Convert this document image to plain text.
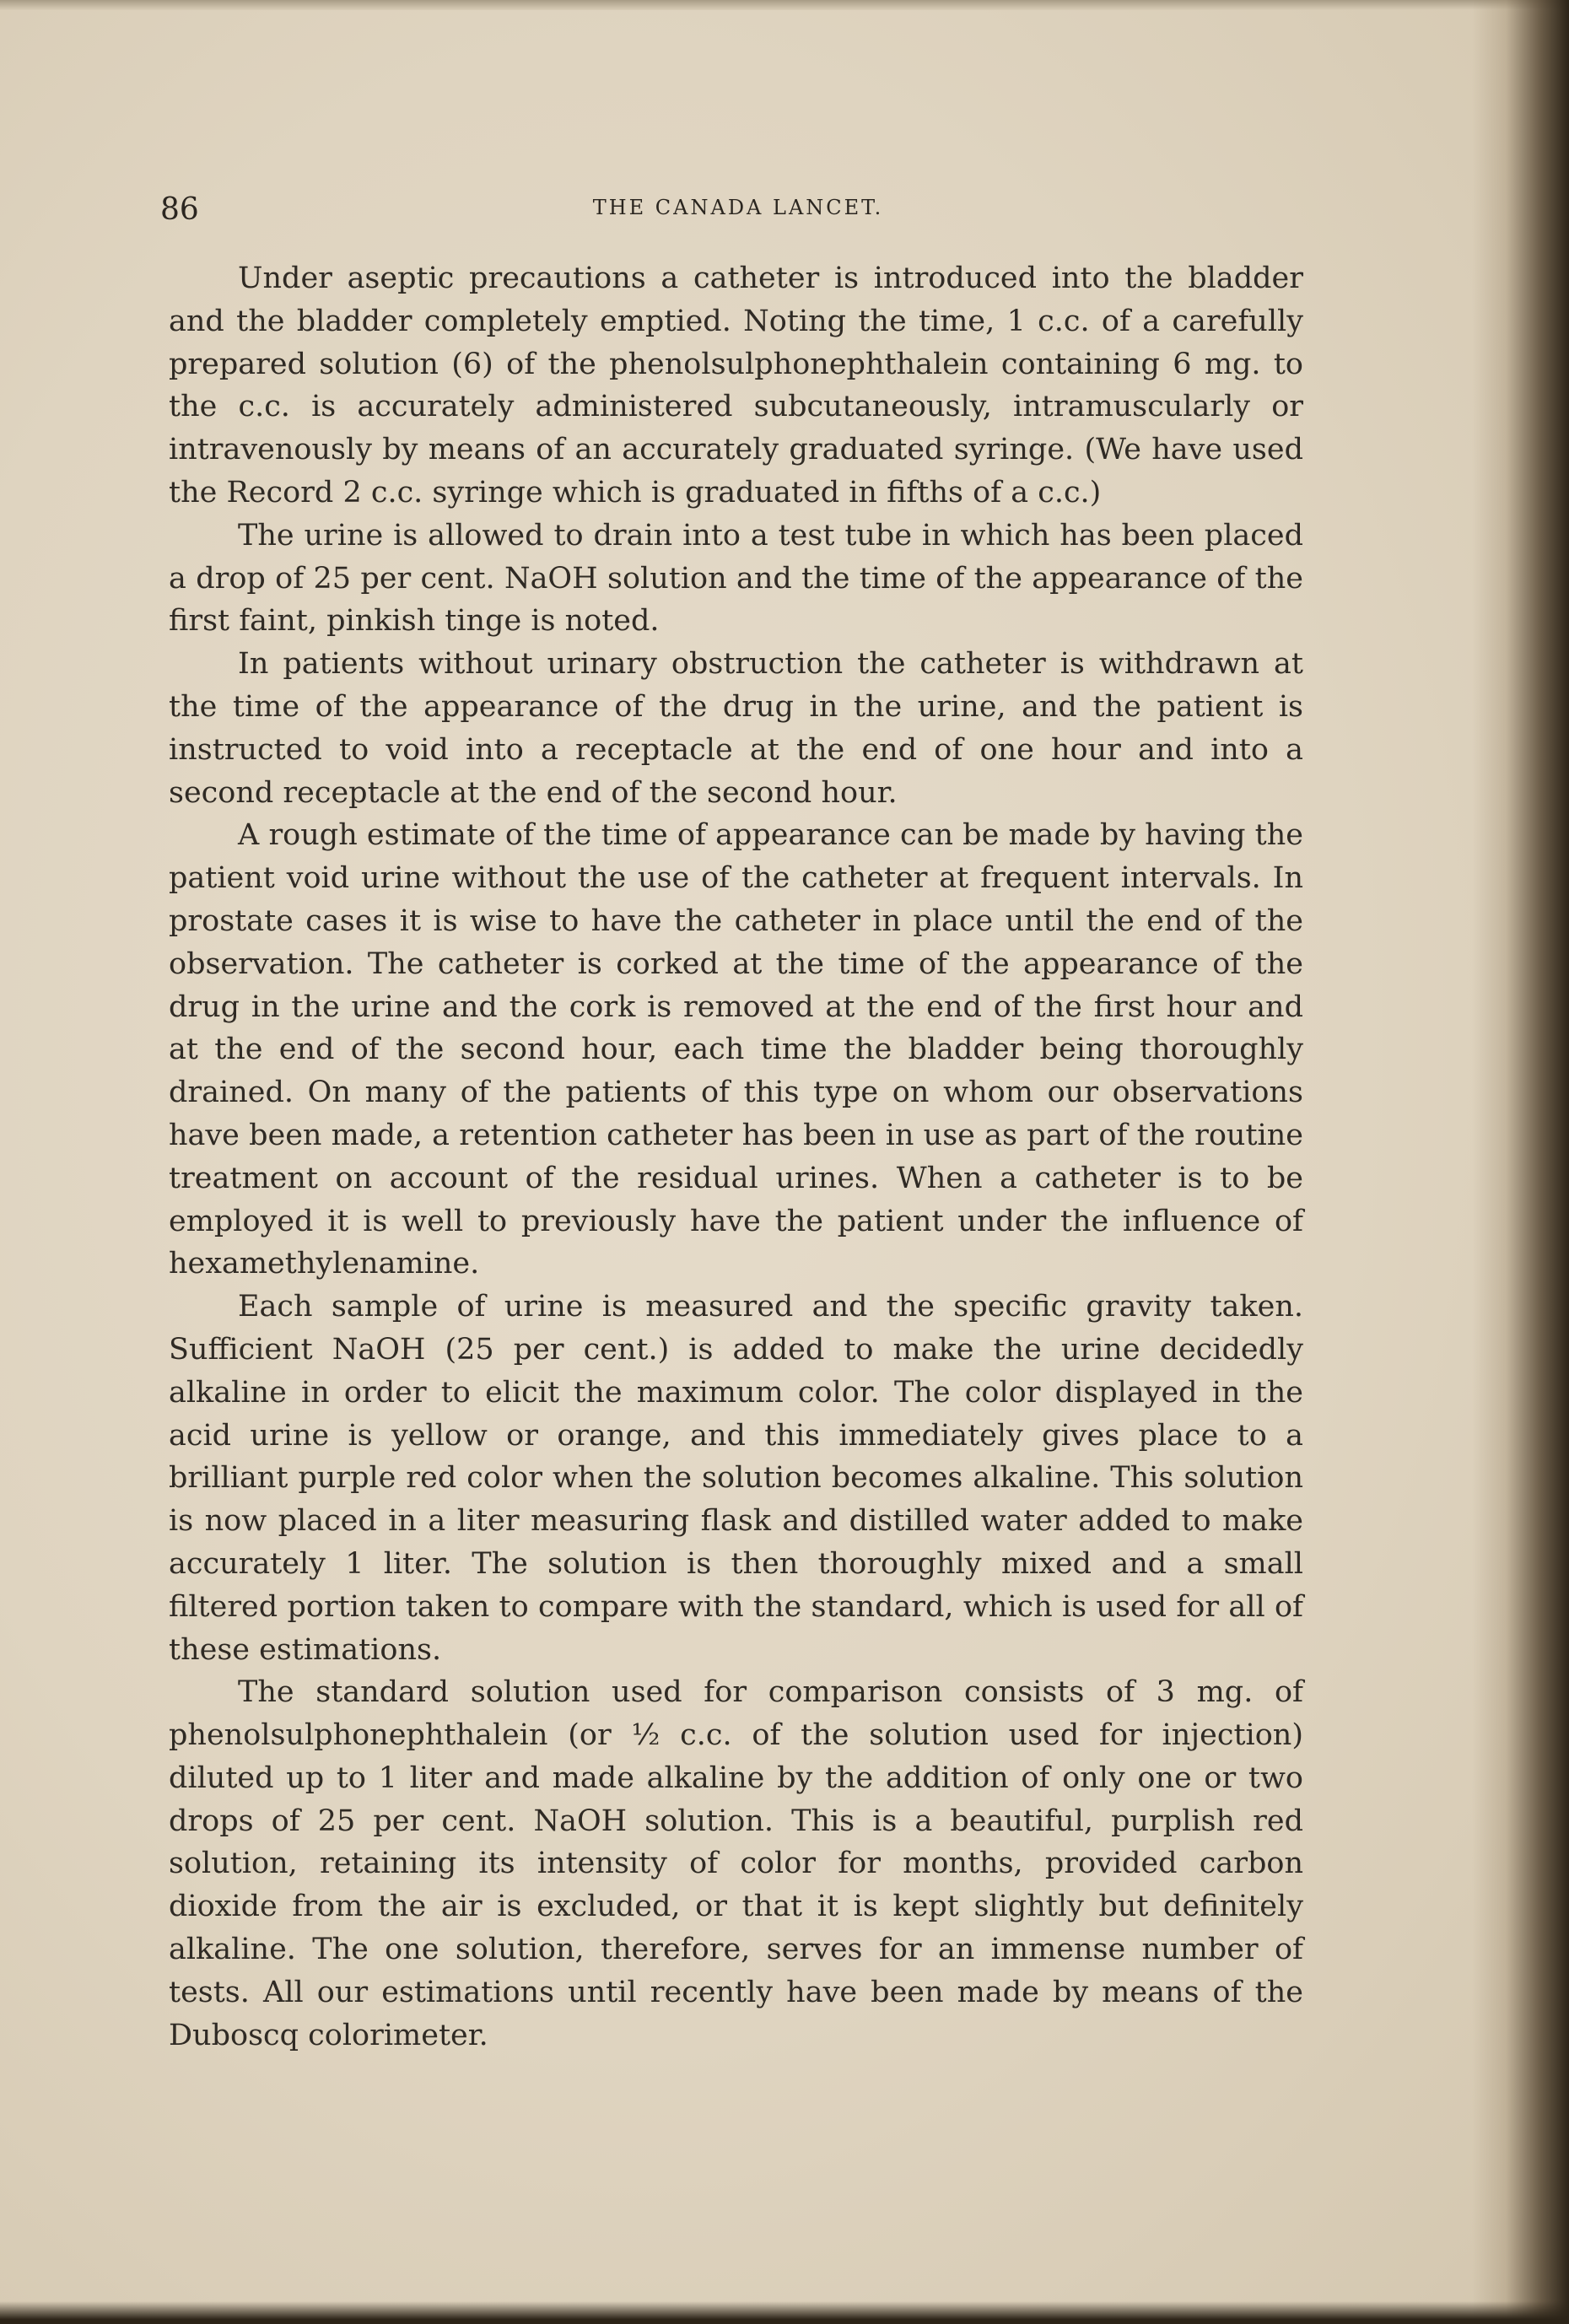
86	THE CANADA LANCET.

Under aseptic precautions a catheter is introduced into the bladder and the bladder completely emptied. Noting the time, 1 c.c. of a carefully prepared solution (6) of the phenolsulphonephthalein containing 6 mg. to the c.c. is accurately administered subcutaneously, intramuscularly or intravenously by means of an accurately graduated syringe. (We have used the Record 2 c.c. syringe which is graduated in fifths of a c.c.)

The urine is allowed to drain into a test tube in which has been placed a drop of 25 per cent. NaOH solution and the time of the appearance of the first faint, pinkish tinge is noted.

In patients without urinary obstruction the catheter is withdrawn at the time of the appearance of the drug in the urine, and the patient is instructed to void into a receptacle at the end of one hour and into a second receptacle at the end of the second hour.

A rough estimate of the time of appearance can be made by having the patient void urine without the use of the catheter at frequent intervals. In prostate cases it is wise to have the catheter in place until the end of the observation. The catheter is corked at the time of the appearance of the drug in the urine and the cork is removed at the end of the first hour and at the end of the second hour, each time the bladder being thoroughly drained. On many of the patients of this type on whom our observations have been made, a retention catheter has been in use as part of the routine treatment on account of the residual urines. When a catheter is to be employed it is well to previously have the patient under the influence of hexamethylenamine.

Each sample of urine is measured and the specific gravity taken. Sufficient NaOH (25 per cent.) is added to make the urine decidedly alkaline in order to elicit the maximum color. The color displayed in the acid urine is yellow or orange, and this immediately gives place to a brilliant purple red color when the solution becomes alkaline. This solution is now placed in a liter measuring flask and distilled water added to make accurately 1 liter. The solution is then thoroughly mixed and a small filtered portion taken to compare with the standard, which is used for all of these estimations.

The standard solution used for comparison consists of 3 mg. of phenolsulphonephthalein (or ½ c.c. of the solution used for injection) diluted up to 1 liter and made alkaline by the addition of only one or two drops of 25 per cent. NaOH solution. This is a beautiful, purplish red solution, retaining its intensity of color for months, provided carbon dioxide from the air is excluded, or that it is kept slightly but definitely alkaline. The one solution, therefore, serves for an immense number of tests. All our estimations until recently have been made by means of the Duboscq colorimeter.
